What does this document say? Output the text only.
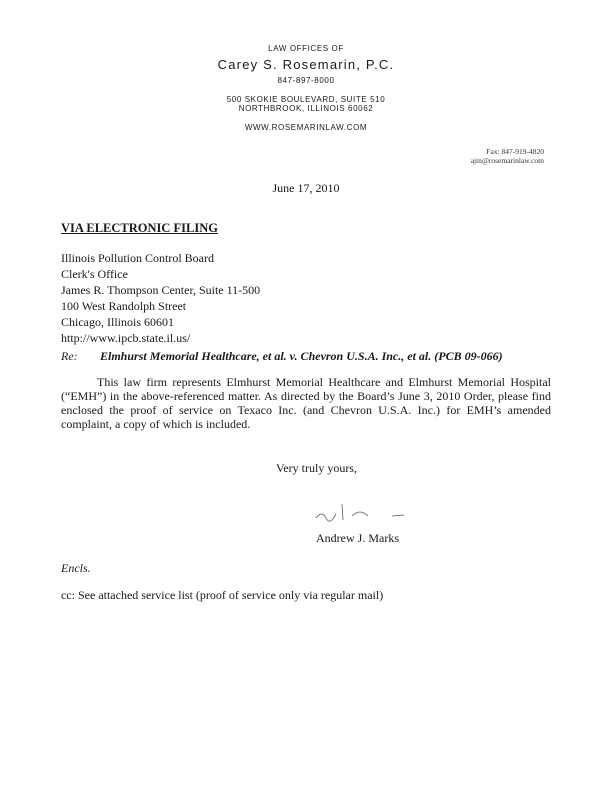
LAW OFFICES OF
Carey S. Rosemarin, P.C.
847-897-8000
500 SKOKIE BOULEVARD, SUITE 510
NORTHBROOK, ILLINOIS 60062
WWW.ROSEMARINLAW.COM
Fax: 847-919-4820
ajm@rosemarinlaw.com
June 17, 2010
VIA ELECTRONIC FILING
Illinois Pollution Control Board
Clerk's Office
James R. Thompson Center, Suite 11-500
100 West Randolph Street
Chicago, Illinois 60601
http://www.ipcb.state.il.us/
Re: Elmhurst Memorial Healthcare, et al. v. Chevron U.S.A. Inc., et al. (PCB 09-066)
This law firm represents Elmhurst Memorial Healthcare and Elmhurst Memorial Hospital (“EMH”) in the above-referenced matter. As directed by the Board’s June 3, 2010 Order, please find enclosed the proof of service on Texaco Inc. (and Chevron U.S.A. Inc.) for EMH’s amended complaint, a copy of which is included.
Very truly yours,
Andrew J. Marks
Encls.
cc: See attached service list (proof of service only via regular mail)
